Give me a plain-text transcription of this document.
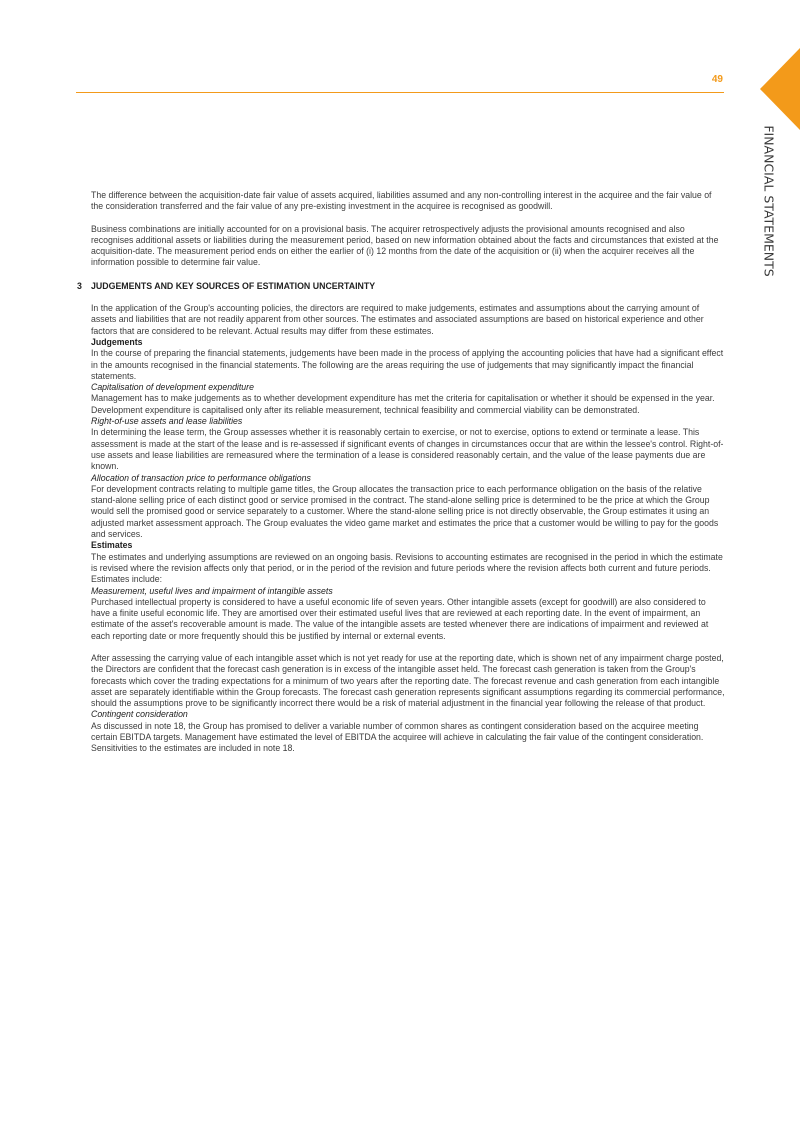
49
FINANCIAL STATEMENTS

The difference between the acquisition-date fair value of assets acquired, liabilities assumed and any non-controlling interest in the acquiree and the fair value of the consideration transferred and the fair value of any pre-existing investment in the acquiree is recognised as goodwill.

Business combinations are initially accounted for on a provisional basis. The acquirer retrospectively adjusts the provisional amounts recognised and also recognises additional assets or liabilities during the measurement period, based on new information obtained about the facts and circumstances that existed at the acquisition-date. The measurement period ends on either the earlier of (i) 12 months from the date of the acquisition or (ii) when the acquirer receives all the information possible to determine fair value.

3 JUDGEMENTS AND KEY SOURCES OF ESTIMATION UNCERTAINTY

In the application of the Group's accounting policies, the directors are required to make judgements, estimates and assumptions about the carrying amount of assets and liabilities that are not readily apparent from other sources. The estimates and associated assumptions are based on historical experience and other factors that are considered to be relevant. Actual results may differ from these estimates.

Judgements

In the course of preparing the financial statements, judgements have been made in the process of applying the accounting policies that have had a significant effect in the amounts recognised in the financial statements. The following are the areas requiring the use of judgements that may significantly impact the financial statements.

Capitalisation of development expenditure

Management has to make judgements as to whether development expenditure has met the criteria for capitalisation or whether it should be expensed in the year. Development expenditure is capitalised only after its reliable measurement, technical feasibility and commercial viability can be demonstrated.

Right-of-use assets and lease liabilities

In determining the lease term, the Group assesses whether it is reasonably certain to exercise, or not to exercise, options to extend or terminate a lease. This assessment is made at the start of the lease and is re-assessed if significant events of changes in circumstances occur that are within the lessee's control. Right-of-use assets and lease liabilities are remeasured where the termination of a lease is considered reasonably certain, and the value of the lease payments due are known.

Allocation of transaction price to performance obligations

For development contracts relating to multiple game titles, the Group allocates the transaction price to each performance obligation on the basis of the relative stand-alone selling price of each distinct good or service promised in the contract. The stand-alone selling price is determined to be the price at which the Group would sell the promised good or service separately to a customer. Where the stand-alone selling price is not directly observable, the Group estimates it using an adjusted market assessment approach. The Group evaluates the video game market and estimates the price that a customer would be willing to pay for the goods and services.

Estimates

The estimates and underlying assumptions are reviewed on an ongoing basis. Revisions to accounting estimates are recognised in the period in which the estimate is revised where the revision affects only that period, or in the period of the revision and future periods where the revision affects both current and future periods. Estimates include:

Measurement, useful lives and impairment of intangible assets

Purchased intellectual property is considered to have a useful economic life of seven years. Other intangible assets (except for goodwill) are also considered to have a finite useful economic life. They are amortised over their estimated useful lives that are reviewed at each reporting date. In the event of impairment, an estimate of the asset's recoverable amount is made. The value of the intangible assets are tested whenever there are indications of impairment and reviewed at each reporting date or more frequently should this be justified by internal or external events.

After assessing the carrying value of each intangible asset which is not yet ready for use at the reporting date, which is shown net of any impairment charge posted, the Directors are confident that the forecast cash generation is in excess of the intangible asset held. The forecast cash generation is taken from the Group's forecasts which cover the trading expectations for a minimum of two years after the reporting date. The forecast revenue and cash generation from each intangible asset are separately identifiable within the Group forecasts. The forecast cash generation represents significant assumptions regarding its commercial performance, should the assumptions prove to be significantly incorrect there would be a risk of material adjustment in the financial year following the release of that product.

Contingent consideration

As discussed in note 18, the Group has promised to deliver a variable number of common shares as contingent consideration based on the acquiree meeting certain EBITDA targets. Management have estimated the level of EBITDA the acquiree will achieve in calculating the fair value of the contingent consideration. Sensitivities to the estimates are included in note 18.
